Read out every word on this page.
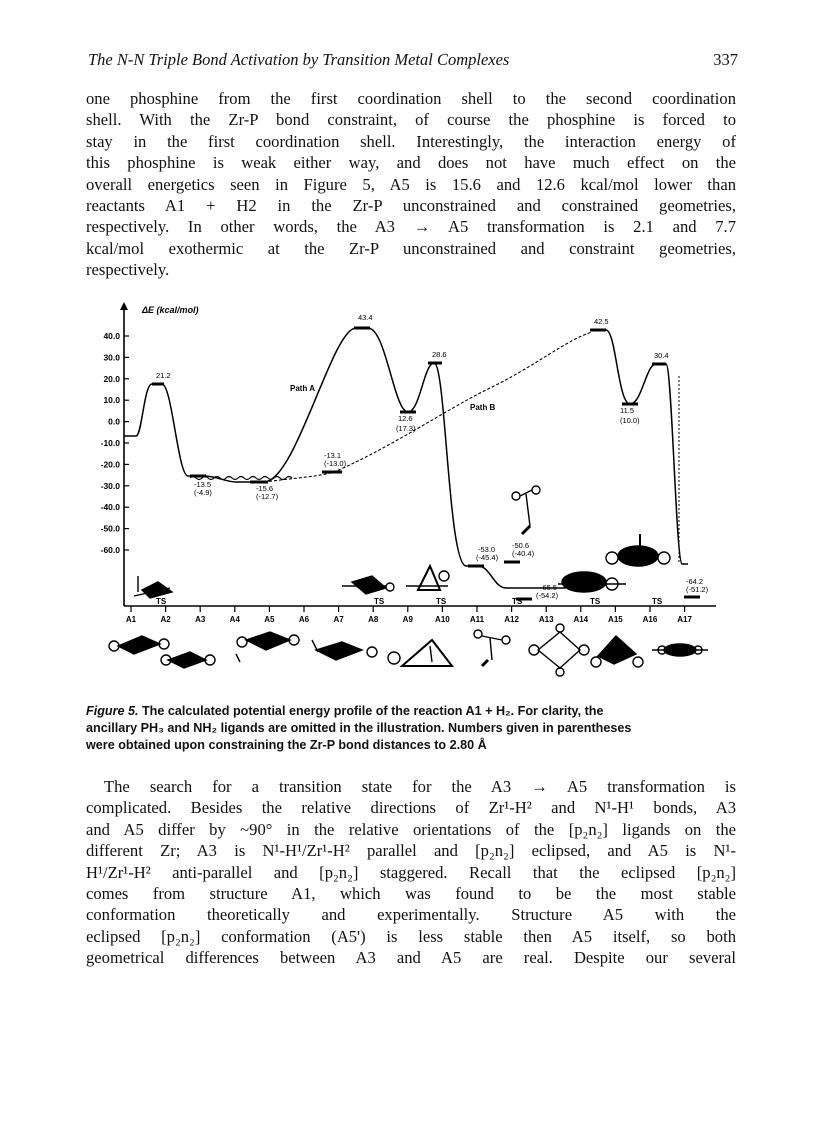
The N-N Triple Bond Activation by Transition Metal Complexes	337
one phosphine from the first coordination shell to the second coordination
shell. With the Zr-P bond constraint, of course the phosphine is forced to
stay in the first coordination shell. Interestingly, the interaction energy of
this phosphine is weak either way, and does not have much effect on the
overall energetics seen in Figure 5, A5 is 15.6 and 12.6 kcal/mol lower than
reactants A1 + H2 in the Zr-P unconstrained and constrained geometries,
respectively. In other words, the A3 → A5 transformation is 2.1 and 7.7
kcal/mol exothermic at the Zr-P unconstrained and constraint geometries,
respectively.
ΔE (kcal/mol)
40.0
30.0
20.0
10.0
0.0
-10.0
-20.0
-30.0
-40.0
-50.0
-60.0
A1	A2	A3	A4	A5	A6	A7	A8	A9	A10	A11	A12 A13 A14 A15 A16 A17
Path A
Path B
21.2
43.4
28.6
42.5
30.4
12.6
(17.3)
11.5
(10.0)
-13.1
(-13.0)
-13.5
(-4.9)	-15.6
(-12.7)
-53.0
(-45.4)
-50.6
(-40.4)
-65.5
(-54.2)
-64.2
(-51.2)
TS	TS	TS	TS	TS	TS
Figure 5. The calculated potential energy profile of the reaction A1 + H₂. For clarity, the
ancillary PH₃ and NH₂ ligands are omitted in the illustration. Numbers given in parentheses
were obtained upon constraining the Zr-P bond distances to 2.80 Å
The search for a transition state for the A3 → A5 transformation is
complicated. Besides the relative directions of Zr¹-H² and N¹-H¹ bonds, A3
and A5 differ by ~90° in the relative orientations of the [p₂n₂] ligands on the
different Zr; A3 is N¹-H¹/Zr¹-H² parallel and [p₂n₂] eclipsed, and A5 is N¹-
H¹/Zr¹-H² anti-parallel and [p₂n₂] staggered. Recall that the eclipsed [p₂n₂]
comes from structure A1, which was found to be the most stable
conformation theoretically and experimentally. Structure A5 with the
eclipsed [p₂n₂] conformation (A5') is less stable then A5 itself, so both
geometrical differences between A3 and A5 are real. Despite our several
